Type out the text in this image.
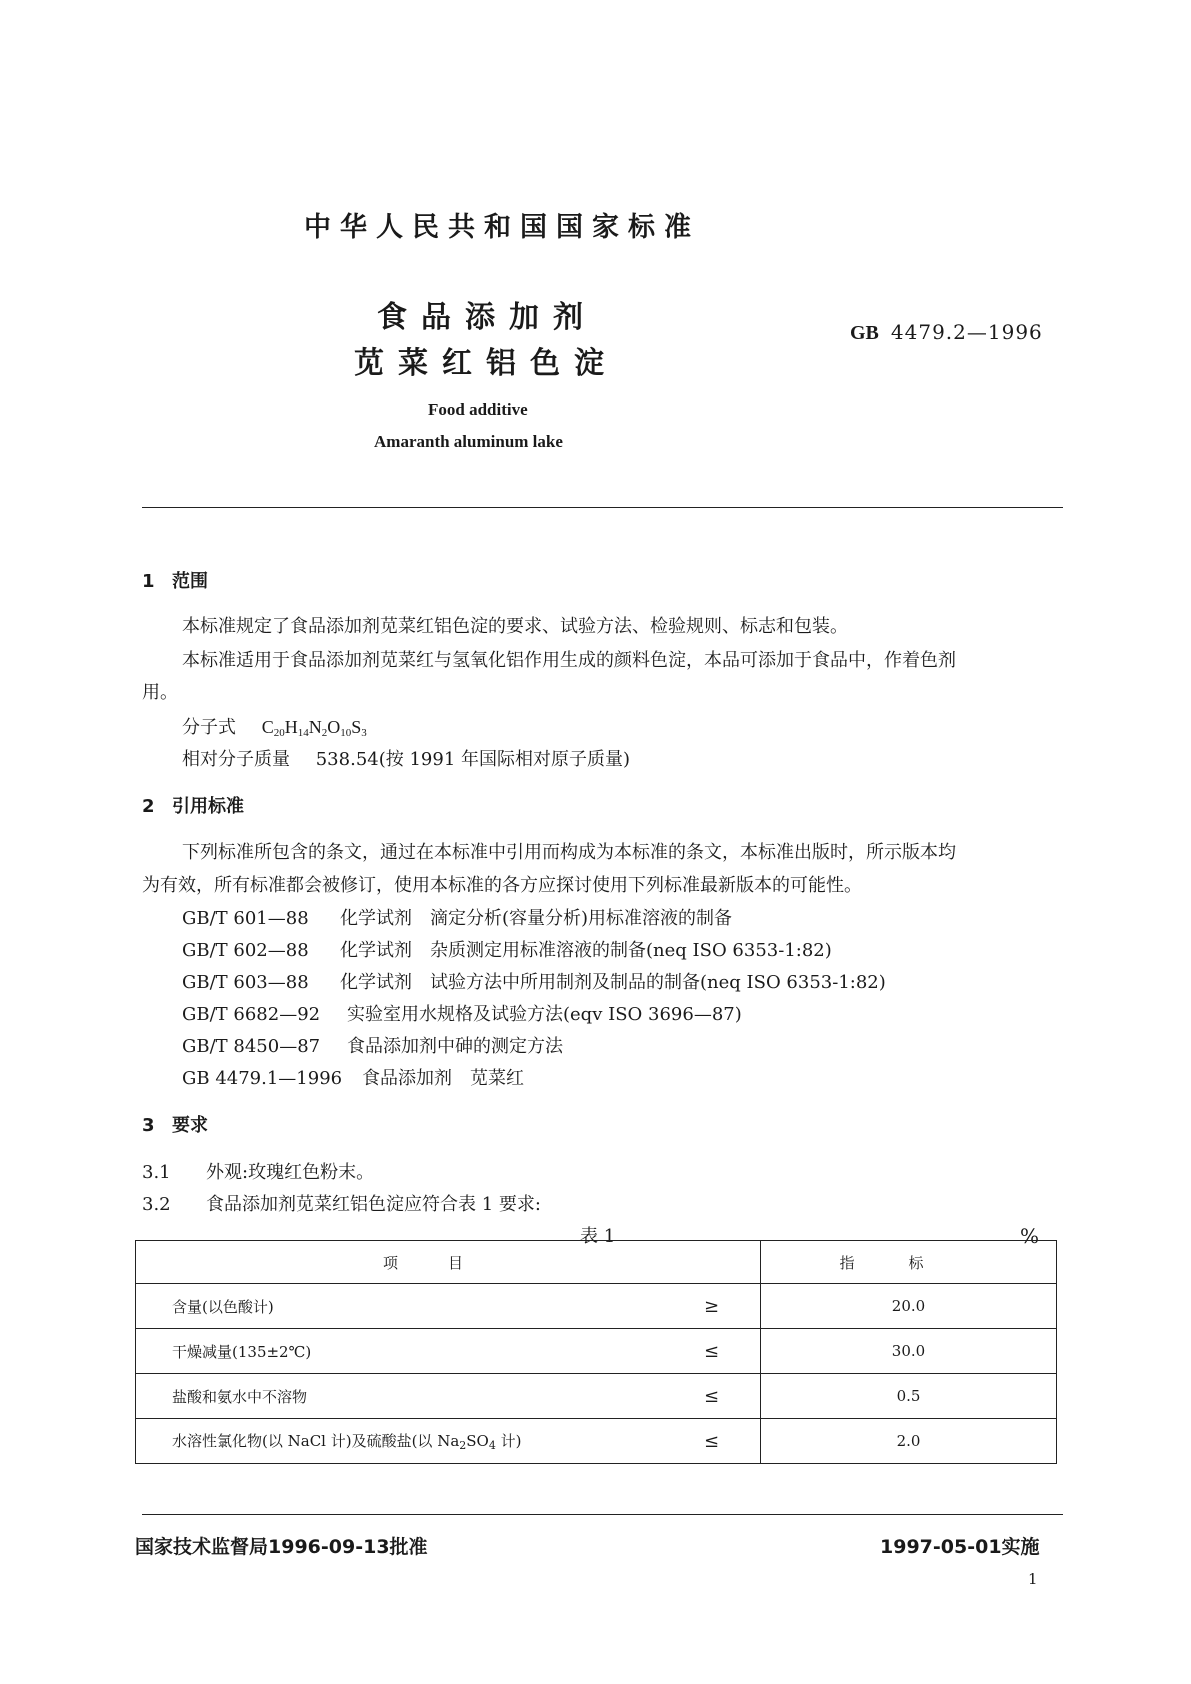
中华人民共和国国家标准
食品添加剂
苋菜红铝色淀
GB 4479.2—1996
Food additive
Amaranth aluminum lake
1 范围
本标准规定了食品添加剂苋菜红铝色淀的要求、试验方法、检验规则、标志和包装。
本标准适用于食品添加剂苋菜红与氢氧化铝作用生成的颜料色淀，本品可添加于食品中，作着色剂
用。
分子式 $C_{20}H_{14}N_2O_{10}S_3$
相对分子质量 538.54(按 1991 年国际相对原子质量)
2 引用标准
下列标准所包含的条文，通过在本标准中引用而构成为本标准的条文，本标准出版时，所示版本均
为有效，所有标准都会被修订，使用本标准的各方应探讨使用下列标准最新版本的可能性。
GB/T 601—88 化学试剂　滴定分析(容量分析)用标准溶液的制备
GB/T 602—88 化学试剂　杂质测定用标准溶液的制备(neq ISO 6353-1:82)
GB/T 603—88 化学试剂　试验方法中所用制剂及制品的制备(neq ISO 6353-1:82)
GB/T 6682—92 实验室用水规格及试验方法(eqv ISO 3696—87)
GB/T 8450—87 食品添加剂中砷的测定方法
GB 4479.1—1996 食品添加剂　苋菜红
3 要求
3.1 外观:玫瑰红色粉末。
3.2 食品添加剂苋菜红铝色淀应符合表 1 要求:
表 1	%
项目		指标
含量(以色酸计)	≥	20.0
干燥减量(135±2℃)	≤	30.0
盐酸和氨水中不溶物	≤	0.5
水溶性氯化物(以 NaCl 计)及硫酸盐(以 $Na_2SO_4$ 计)	≤	2.0
国家技术监督局1996-09-13批准	1997-05-01实施
1
